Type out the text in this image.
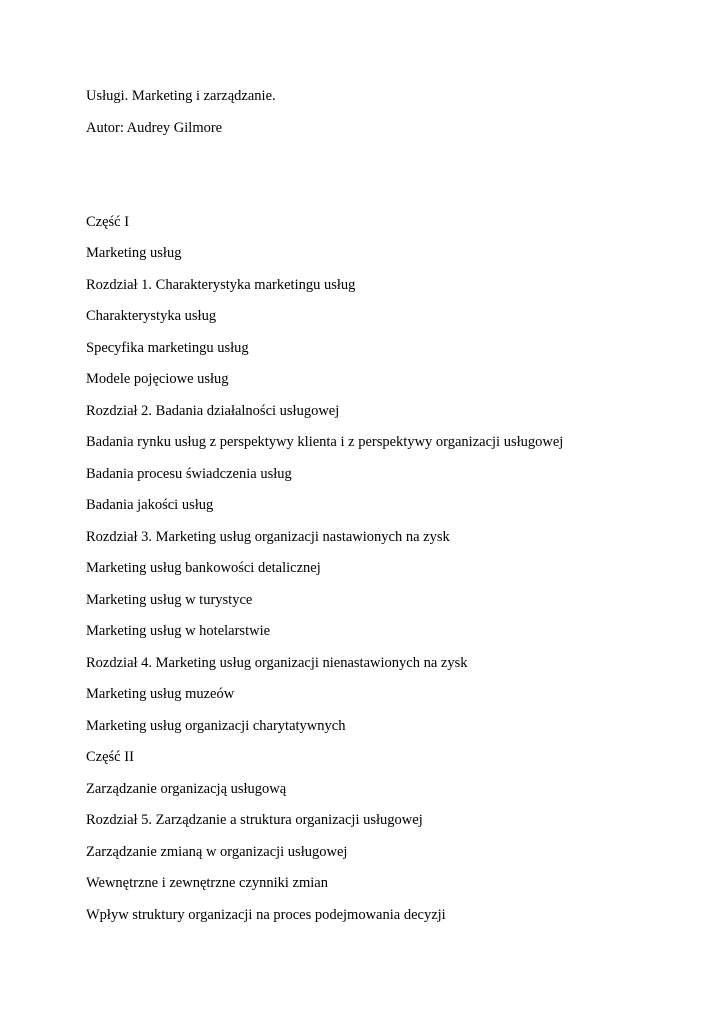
Usługi. Marketing i zarządzanie.

Autor: Audrey Gilmore

Część I

Marketing usług

Rozdział 1. Charakterystyka marketingu usług

Charakterystyka usług

Specyfika marketingu usług

Modele pojęciowe usług

Rozdział 2. Badania działalności usługowej

Badania rynku usług z perspektywy klienta i z perspektywy organizacji usługowej

Badania procesu świadczenia usług

Badania jakości usług

Rozdział 3. Marketing usług organizacji nastawionych na zysk

Marketing usług bankowości detalicznej

Marketing usług w turystyce

Marketing usług w hotelarstwie

Rozdział 4. Marketing usług organizacji nienastawionych na zysk

Marketing usług muzeów

Marketing usług organizacji charytatywnych

Część II

Zarządzanie organizacją usługową

Rozdział 5. Zarządzanie a struktura organizacji usługowej

Zarządzanie zmianą w organizacji usługowej

Wewnętrzne i zewnętrzne czynniki zmian

Wpływ struktury organizacji na proces podejmowania decyzji
